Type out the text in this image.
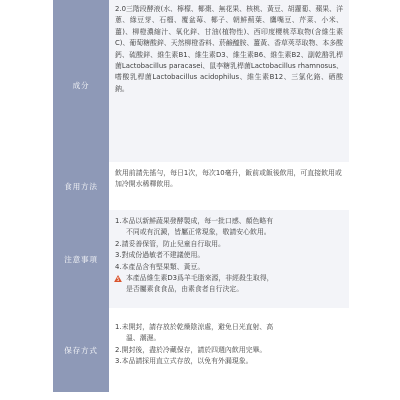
成分

2.0三階段酵液(水、檸檬、椰棗、無花果、核桃、黃豆、胡蘿蔔、蘋果、洋蔥、綠豆芽、石榴、覆盆莓、椰子、朝鮮薊葉、鷹嘴豆、芹菜、小米、薑)、柳橙濃縮汁、氧化鋅、甘油(植物性)、西印度櫻桃萃取物(含維生素C)、葡萄糖酸鋅、天然柳橙香料、菸鹼醯胺、薑黃、香草莢萃取物、本多酸鈣、硫酸鋅、維生素B1、維生素D3、維生素B6、維生素B2、副乾酪乳桿菌Lactobacillus paracasei、鼠李糖乳桿菌Lactobacillus rhamnosus、嗜酸乳桿菌Lactobacillus acidophilus、維生素B12、三氯化鉻、硒酸鈉。

食用方法

飲用前請先搖勻，每日1次，每次10毫升，飯前或飯後飲用，可直接飲用或加冷開水稀釋飲用。

注意事項

1.本品以新鮮蔬果發酵製成，每一批口感、顏色略有

不同或有沉澱，皆屬正常現象，敬請安心飲用。

2.請妥善保管，防止兒童自行取用。

3.對成份過敏者不建議使用。

4.本產品含有堅果類、黃豆。

5 本產品維生素D3爲羊毛脂來源，非經殺生取得，

是否屬素食食品，由素食者自行決定。

保存方式

1.未開封，請存放於乾燥陰涼處，避免日光直射、高

溫、潮濕。

2.開封後，盡於冷藏保存，請於四週內飲用完畢。

3.本品請採用直立式存放，以免有外漏現象。
